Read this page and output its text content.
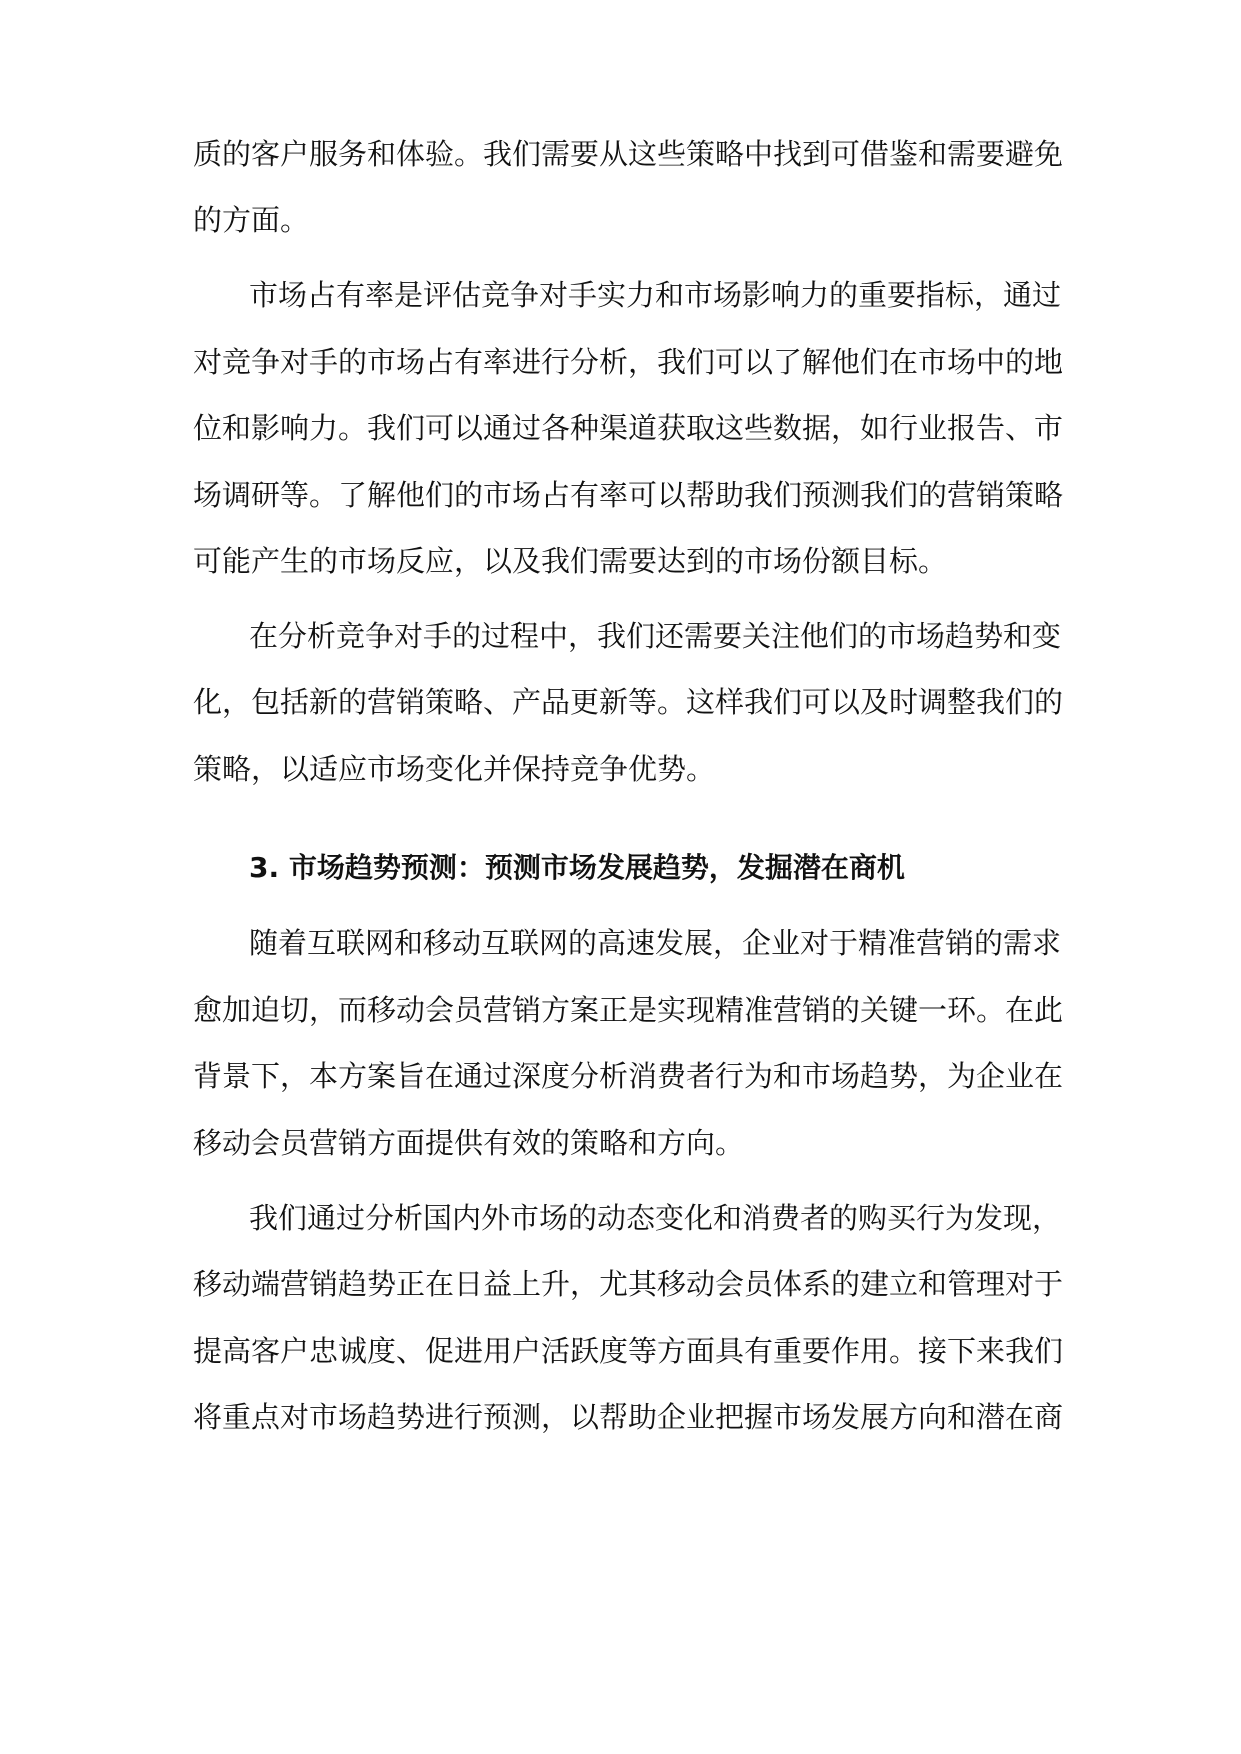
质的客户服务和体验。我们需要从这些策略中找到可借鉴和需要避免
的方面。
市场占有率是评估竞争对手实力和市场影响力的重要指标，通过
对竞争对手的市场占有率进行分析，我们可以了解他们在市场中的地
位和影响力。我们可以通过各种渠道获取这些数据，如行业报告、市
场调研等。了解他们的市场占有率可以帮助我们预测我们的营销策略
可能产生的市场反应，以及我们需要达到的市场份额目标。
在分析竞争对手的过程中，我们还需要关注他们的市场趋势和变
化，包括新的营销策略、产品更新等。这样我们可以及时调整我们的
策略，以适应市场变化并保持竞争优势。
3. 市场趋势预测：预测市场发展趋势，发掘潜在商机
随着互联网和移动互联网的高速发展，企业对于精准营销的需求
愈加迫切，而移动会员营销方案正是实现精准营销的关键一环。在此
背景下，本方案旨在通过深度分析消费者行为和市场趋势，为企业在
移动会员营销方面提供有效的策略和方向。
我们通过分析国内外市场的动态变化和消费者的购买行为发现，
移动端营销趋势正在日益上升，尤其移动会员体系的建立和管理对于
提高客户忠诚度、促进用户活跃度等方面具有重要作用。接下来我们
将重点对市场趋势进行预测，以帮助企业把握市场发展方向和潜在商
